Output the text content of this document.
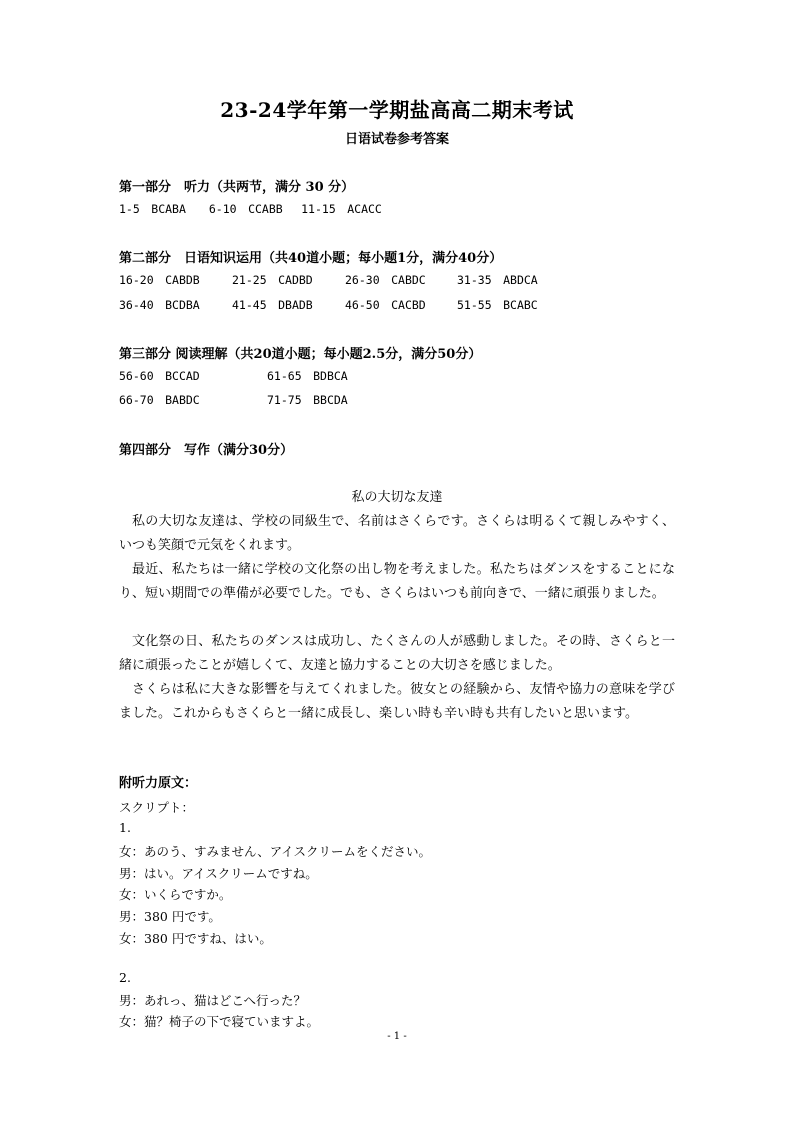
23-24学年第一学期盐高高二期末考试
日语试卷参考答案
第一部分　听力（共两节，满分 30 分）
1-5　BCABA　　6-10　CCABB　 11-15　ACACC
第二部分　日语知识运用（共40道小题；每小题1分，满分40分）
16-20　CABDB	21-25　CADBD	26-30　CABDC	31-35　ABDCA
36-40　BCDBA	41-45　DBADB	46-50　CACBD	51-55　BCABC
第三部分 阅读理解（共20道小题；每小题2.5分，满分50分）
56-60　BCCAD	61-65　BDBCA
66-70　BABDC	71-75　BBCDA
第四部分　写作（满分30分）
私の大切な友達
私の大切な友達は、学校の同級生で、名前はさくらです。さくらは明るくて親しみやすく、いつも笑顔で元気をくれます。
最近、私たちは一緒に学校の文化祭の出し物を考えました。私たちはダンスをすることになり、短い期間での準備が必要でした。でも、さくらはいつも前向きで、一緒に頑張りました。
文化祭の日、私たちのダンスは成功し、たくさんの人が感動しました。その時、さくらと一緒に頑張ったことが嬉しくて、友達と協力することの大切さを感じました。
さくらは私に大きな影響を与えてくれました。彼女との経験から、友情や協力の意味を学びました。これからもさくらと一緒に成長し、楽しい時も辛い時も共有したいと思います。
附听力原文：
スクリプト：
1.
女：あのう、すみません、アイスクリームをください。
男：はい。アイスクリームですね。
女：いくらですか。
男：380 円です。
女：380 円ですね、はい。
2.
男：あれっ、猫はどこへ行った？
女：猫？椅子の下で寝ていますよ。
- 1 -
